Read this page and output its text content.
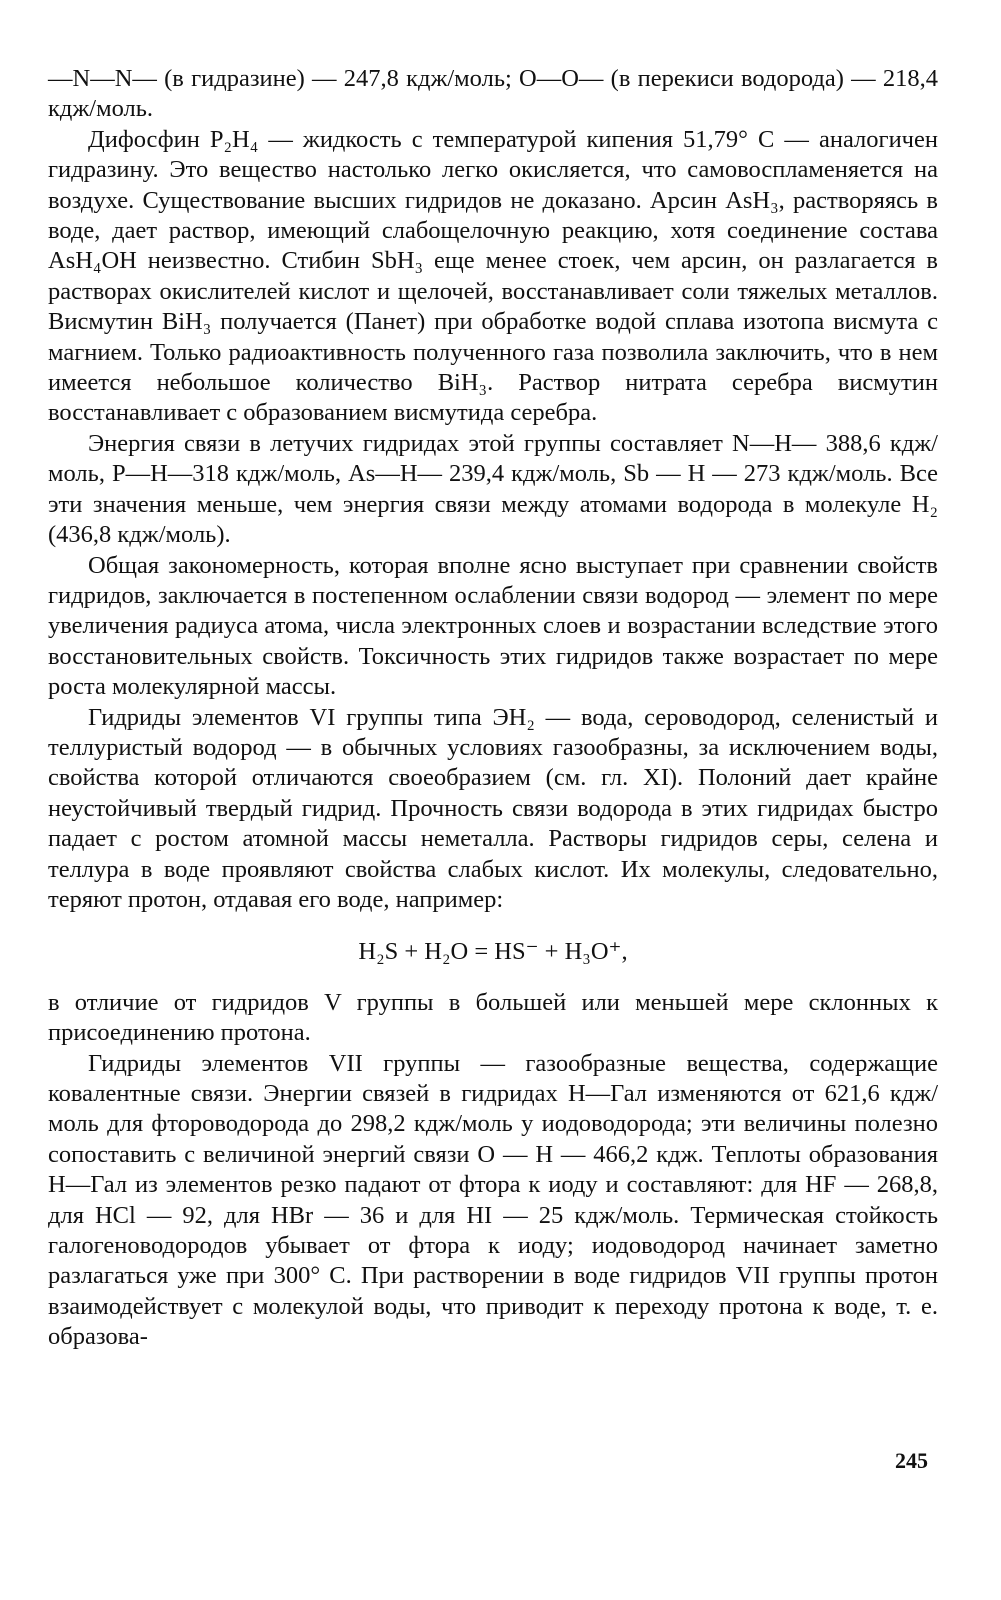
—N—N— (в гидразине) — 247,8 кдж/моль; O—O— (в перекиси водорода) — 218,4 кдж/моль.

Дифосфин P₂H₄ — жидкость с температурой кипения 51,79° C — аналогичен гидразину. Это вещество настолько легко окисляется, что самовоспламеняется на воздухе. Существование высших гидридов не доказано. Арсин AsH₃, растворяясь в воде, дает раствор, имеющий слабощелочную реакцию, хотя соединение состава AsH₄OH неизвестно. Стибин SbH₃ еще менее стоек, чем арсин, он разлагается в растворах окислителей кислот и щелочей, восстанавливает соли тяжелых металлов. Висмутин BiH₃ получается (Панет) при обработке водой сплава изотопа висмута с магнием. Только радиоактивность полученного газа позволила заключить, что в нем имеется небольшое количество BiH₃. Раствор нитрата серебра висмутин восстанавливает с образованием висмутида серебра.

Энергия связи в летучих гидридах этой группы составляет N—H— 388,6 кдж/моль, P—H—318 кдж/моль, As—H— 239,4 кдж/моль, Sb — H — 273 кдж/моль. Все эти значения меньше, чем энергия связи между атомами водорода в молекуле H₂ (436,8 кдж/моль).

Общая закономерность, которая вполне ясно выступает при сравнении свойств гидридов, заключается в постепенном ослаблении связи водород — элемент по мере увеличения радиуса атома, числа электронных слоев и возрастании вследствие этого восстановительных свойств. Токсичность этих гидридов также возрастает по мере роста молекулярной массы.

Гидриды элементов VI группы типа ЭH₂ — вода, сероводород, селенистый и теллуристый водород — в обычных условиях газообразны, за исключением воды, свойства которой отличаются своеобразием (см. гл. XI). Полоний дает крайне неустойчивый твердый гидрид. Прочность связи водорода в этих гидридах быстро падает с ростом атомной массы неметалла. Растворы гидридов серы, селена и теллура в воде проявляют свойства слабых кислот. Их молекулы, следовательно, теряют протон, отдавая его воде, например:

H₂S + H₂O = HS⁻ + H₃O⁺,

в отличие от гидридов V группы в большей или меньшей мере склонных к присоединению протона.

Гидриды элементов VII группы — газообразные вещества, содержащие ковалентные связи. Энергии связей в гидридах H—Гал изменяются от 621,6 кдж/моль для фтороводорода до 298,2 кдж/моль у иодоводорода; эти величины полезно сопоставить с величиной энергий связи O — H — 466,2 кдж. Теплоты образования H—Гал из элементов резко падают от фтора к иоду и составляют: для HF — 268,8, для HCl — 92, для HBr — 36 и для HI — 25 кдж/моль. Термическая стойкость галогеноводородов убывает от фтора к иоду; иодоводород начинает заметно разлагаться уже при 300° C. При растворении в воде гидридов VII группы протон взаимодействует с молекулой воды, что приводит к переходу протона к воде, т. е. образова-

245
